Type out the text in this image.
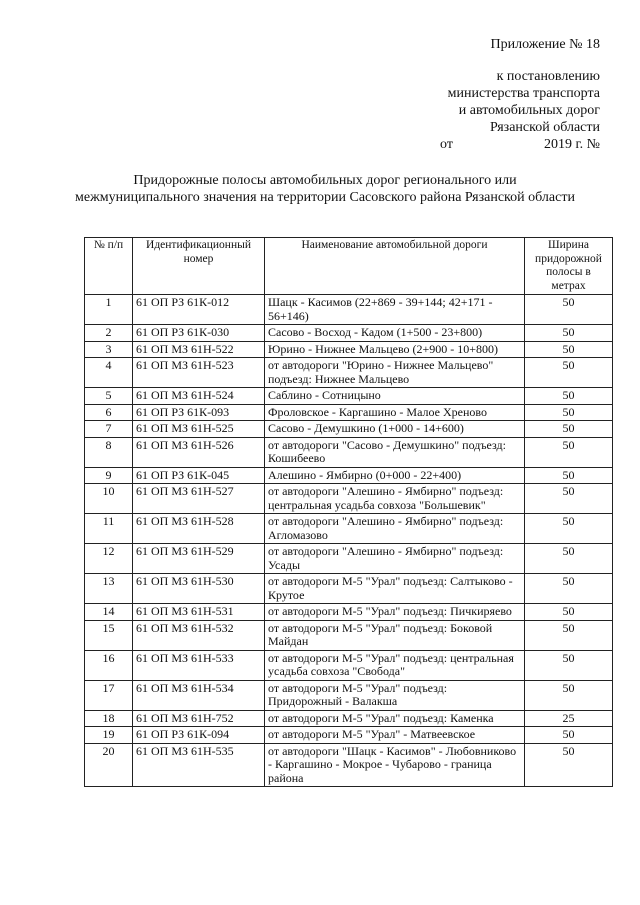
Приложение № 18
к постановлению
министерства транспорта
и автомобильных дорог
Рязанской области
от	2019 г. №
Придорожные полосы автомобильных дорог регионального или межмуниципального значения на территории Сасовского района Рязанской области
№ п/п	Идентификационный номер	Наименование автомобильной дороги	Ширина придорожной полосы в метрах
1	61 ОП РЗ 61К-012	Шацк - Касимов (22+869 - 39+144; 42+171 - 56+146)	50
2	61 ОП РЗ 61К-030	Сасово - Восход - Кадом (1+500 - 23+800)	50
3	61 ОП МЗ 61Н-522	Юрино - Нижнее Мальцево (2+900 - 10+800)	50
4	61 ОП МЗ 61Н-523	от автодороги "Юрино - Нижнее Мальцево" подъезд: Нижнее Мальцево	50
5	61 ОП МЗ 61Н-524	Саблино - Сотницыно	50
6	61 ОП РЗ 61К-093	Фроловское - Каргашино - Малое Хреново	50
7	61 ОП МЗ 61Н-525	Сасово - Демушкино (1+000 - 14+600)	50
8	61 ОП МЗ 61Н-526	от автодороги "Сасово - Демушкино" подъезд: Кошибеево	50
9	61 ОП РЗ 61К-045	Алешино - Ямбирно (0+000 - 22+400)	50
10	61 ОП МЗ 61Н-527	от автодороги "Алешино - Ямбирно" подъезд: центральная усадьба совхоза "Большевик"	50
11	61 ОП МЗ 61Н-528	от автодороги "Алешино - Ямбирно" подъезд: Агломазово	50
12	61 ОП МЗ 61Н-529	от автодороги "Алешино - Ямбирно" подъезд: Усады	50
13	61 ОП МЗ 61Н-530	от автодороги М-5 "Урал" подъезд: Салтыково - Крутое	50
14	61 ОП МЗ 61Н-531	от автодороги М-5 "Урал" подъезд: Пичкиряево	50
15	61 ОП МЗ 61Н-532	от автодороги М-5 "Урал" подъезд: Боковой Майдан	50
16	61 ОП МЗ 61Н-533	от автодороги М-5 "Урал" подъезд: центральная усадьба совхоза "Свобода"	50
17	61 ОП МЗ 61Н-534	от автодороги М-5 "Урал" подъезд: Придорожный - Валакша	50
18	61 ОП МЗ 61Н-752	от автодороги М-5 "Урал" подъезд: Каменка	25
19	61 ОП РЗ 61К-094	от автодороги М-5 "Урал" - Матвеевское	50
20	61 ОП МЗ 61Н-535	от автодороги "Шацк - Касимов" - Любовниково - Каргашино - Мокрое - Чубарово - граница района	50
